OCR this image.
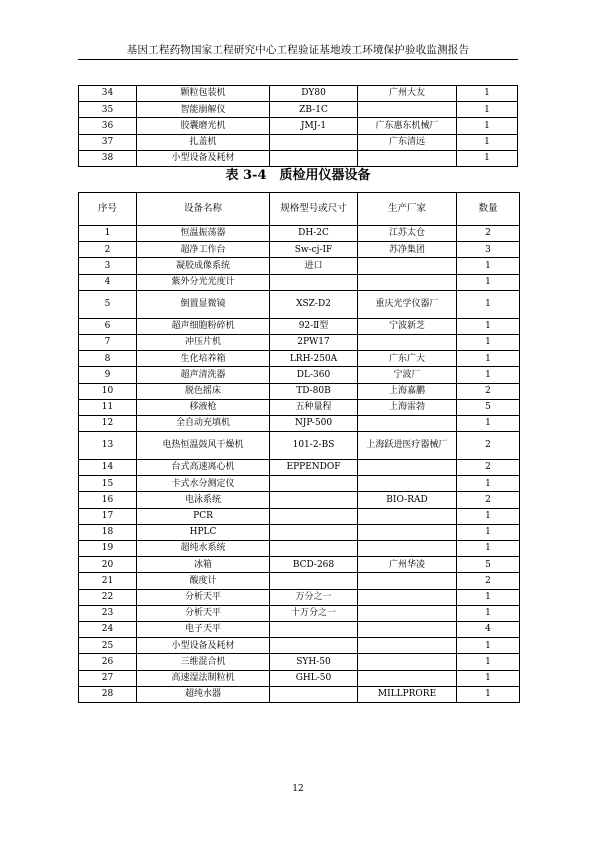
基因工程药物国家工程研究中心工程验证基地竣工环境保护验收监测报告
34	颗粒包装机	DY80	广州大友	1
35	智能崩解仪	ZB-1C		1
36	胶囊磨光机	JMJ-1	广东惠东机械厂	1
37	扎盖机		广东清远	1
38	小型设备及耗材			1
表 3-4　质检用仪器设备
序号	设备名称	规格型号或尺寸	生产厂家	数量
1	恒温振荡器	DH-2C	江苏太仓	2
2	超净工作台	Sw-cj-IF	苏净集团	3
3	凝胶成像系统	进口		1
4	紫外分光光度计			1
5	倒置显微镜	XSZ-D2	重庆光学仪器厂	1
6	超声细胞粉碎机	92-Ⅱ型	宁波新芝	1
7	冲压片机	2PW17		1
8	生化培养箱	LRH-250A	广东广大	1
9	超声清洗器	DL-360	宁波厂	1
10	脱色摇床	TD-80B	上海嘉鹏	2
11	移液枪	五种量程	上海雷勃	5
12	全自动充填机	NJP-500		1
13	电热恒温鼓风干燥机	101-2-BS	上海跃进医疗器械厂	2
14	台式高速离心机	EPPENDOF		2
15	卡式水分测定仪			1
16	电泳系统		BIO-RAD	2
17	PCR			1
18	HPLC			1
19	超纯水系统			1
20	冰箱	BCD-268	广州华凌	5
21	酸度计			2
22	分析天平	万分之一		1
23	分析天平	十万分之一		1
24	电子天平			4
25	小型设备及耗材			1
26	三维混合机	SYH-50		1
27	高速湿法制粒机	GHL-50		1
28	超纯水器		MILLPRORE	1
12
